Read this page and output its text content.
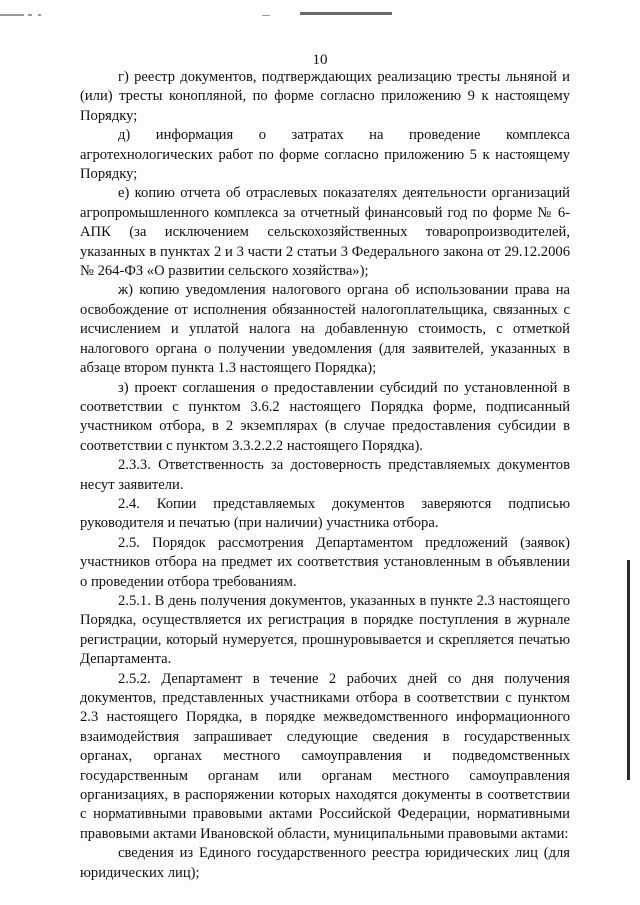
10

г) реестр документов, подтверждающих реализацию тресты льняной и (или) тресты конопляной, по форме согласно приложению 9 к настоящему Порядку;

д) информация о затратах на проведение комплекса агротехнологических работ по форме согласно приложению 5 к настоящему Порядку;

е) копию отчета об отраслевых показателях деятельности организаций агропромышленного комплекса за отчетный финансовый год по форме № 6-АПК (за исключением сельскохозяйственных товаропроизводителей, указанных в пунктах 2 и 3 части 2 статьи 3 Федерального закона от 29.12.2006 № 264-ФЗ «О развитии сельского хозяйства»);

ж) копию уведомления налогового органа об использовании права на освобождение от исполнения обязанностей налогоплательщика, связанных с исчислением и уплатой налога на добавленную стоимость, с отметкой налогового органа о получении уведомления (для заявителей, указанных в абзаце втором пункта 1.3 настоящего Порядка);

з) проект соглашения о предоставлении субсидий по установленной в соответствии с пунктом 3.6.2 настоящего Порядка форме, подписанный участником отбора, в 2 экземплярах (в случае предоставления субсидии в соответствии с пунктом 3.3.2.2.2 настоящего Порядка).

2.3.3. Ответственность за достоверность представляемых документов несут заявители.

2.4. Копии представляемых документов заверяются подписью руководителя и печатью (при наличии) участника отбора.

2.5. Порядок рассмотрения Департаментом предложений (заявок) участников отбора на предмет их соответствия установленным в объявлении о проведении отбора требованиям.

2.5.1. В день получения документов, указанных в пункте 2.3 настоящего Порядка, осуществляется их регистрация в порядке поступления в журнале регистрации, который нумеруется, прошнуровывается и скрепляется печатью Департамента.

2.5.2. Департамент в течение 2 рабочих дней со дня получения документов, представленных участниками отбора в соответствии с пунктом 2.3 настоящего Порядка, в порядке межведомственного информационного взаимодействия запрашивает следующие сведения в государственных органах, органах местного самоуправления и подведомственных государственным органам или органам местного самоуправления организациях, в распоряжении которых находятся документы в соответствии с нормативными правовыми актами Российской Федерации, нормативными правовыми актами Ивановской области, муниципальными правовыми актами:

сведения из Единого государственного реестра юридических лиц (для юридических лиц);
